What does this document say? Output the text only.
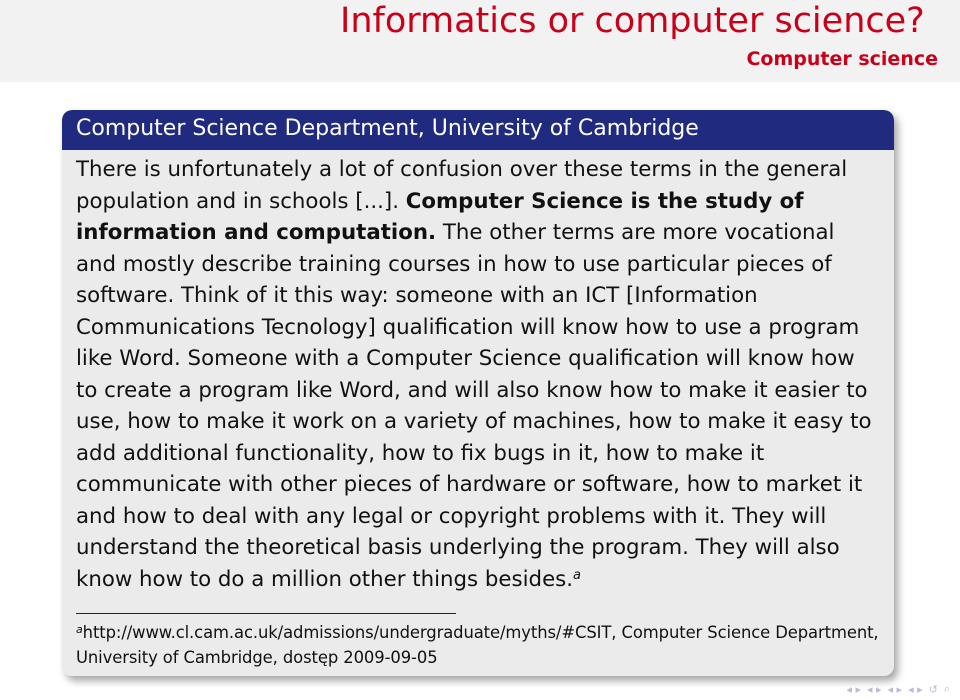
Informatics or computer science?
Computer science
Computer Science Department, University of Cambridge
There is unfortunately a lot of confusion over these terms in the general population and in schools [...]. Computer Science is the study of information and computation. The other terms are more vocational and mostly describe training courses in how to use particular pieces of software. Think of it this way: someone with an ICT [Information Communications Tecnology] qualification will know how to use a program like Word. Someone with a Computer Science qualification will know how to create a program like Word, and will also know how to make it easier to use, how to make it work on a variety of machines, how to make it easy to add additional functionality, how to fix bugs in it, how to make it communicate with other pieces of hardware or software, how to market it and how to deal with any legal or copyright problems with it. They will understand the theoretical basis underlying the program. They will also know how to do a million other things besides.$^a$
$^a$http://www.cl.cam.ac.uk/admissions/undergraduate/myths/#CSIT, Computer Science Department, University of Cambridge, dostęp 2009-09-05
◂ ▸ ◂ ▸ ◂ ▸ ◂ ▸ ↺ ⌕
